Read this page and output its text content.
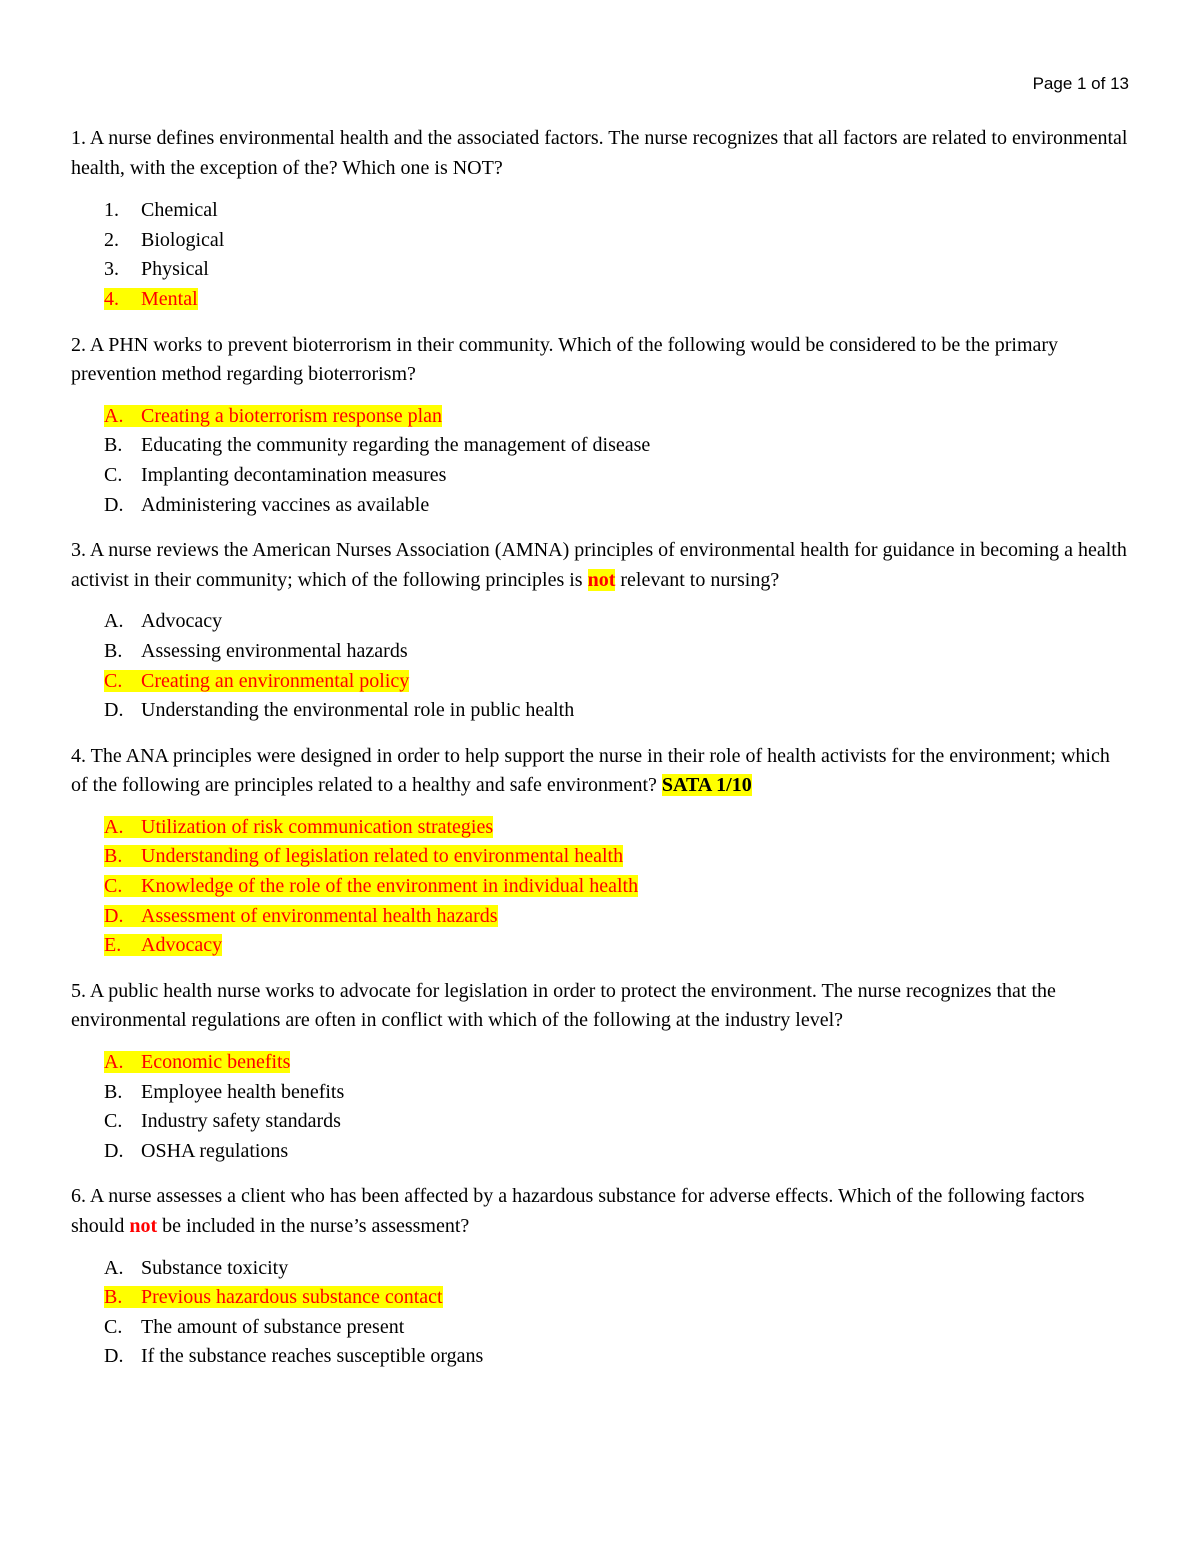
Page 1 of 13

1. A nurse defines environmental health and the associated factors. The nurse recognizes that all factors are related to environmental health, with the exception of the? Which one is NOT?

1. Chemical
2. Biological
3. Physical
4. Mental

2. A PHN works to prevent bioterrorism in their community. Which of the following would be considered to be the primary prevention method regarding bioterrorism?

A. Creating a bioterrorism response plan
B. Educating the community regarding the management of disease
C. Implanting decontamination measures
D. Administering vaccines as available

3. A nurse reviews the American Nurses Association (AMNA) principles of environmental health for guidance in becoming a health activist in their community; which of the following principles is not relevant to nursing?

A. Advocacy
B. Assessing environmental hazards
C. Creating an environmental policy
D. Understanding the environmental role in public health

4. The ANA principles were designed in order to help support the nurse in their role of health activists for the environment; which of the following are principles related to a healthy and safe environment? SATA 1/10

A. Utilization of risk communication strategies
B. Understanding of legislation related to environmental health
C. Knowledge of the role of the environment in individual health
D. Assessment of environmental health hazards
E. Advocacy

5. A public health nurse works to advocate for legislation in order to protect the environment. The nurse recognizes that the environmental regulations are often in conflict with which of the following at the industry level?

A. Economic benefits
B. Employee health benefits
C. Industry safety standards
D. OSHA regulations

6. A nurse assesses a client who has been affected by a hazardous substance for adverse effects. Which of the following factors should not be included in the nurse’s assessment?

A. Substance toxicity
B. Previous hazardous substance contact
C. The amount of substance present
D. If the substance reaches susceptible organs
